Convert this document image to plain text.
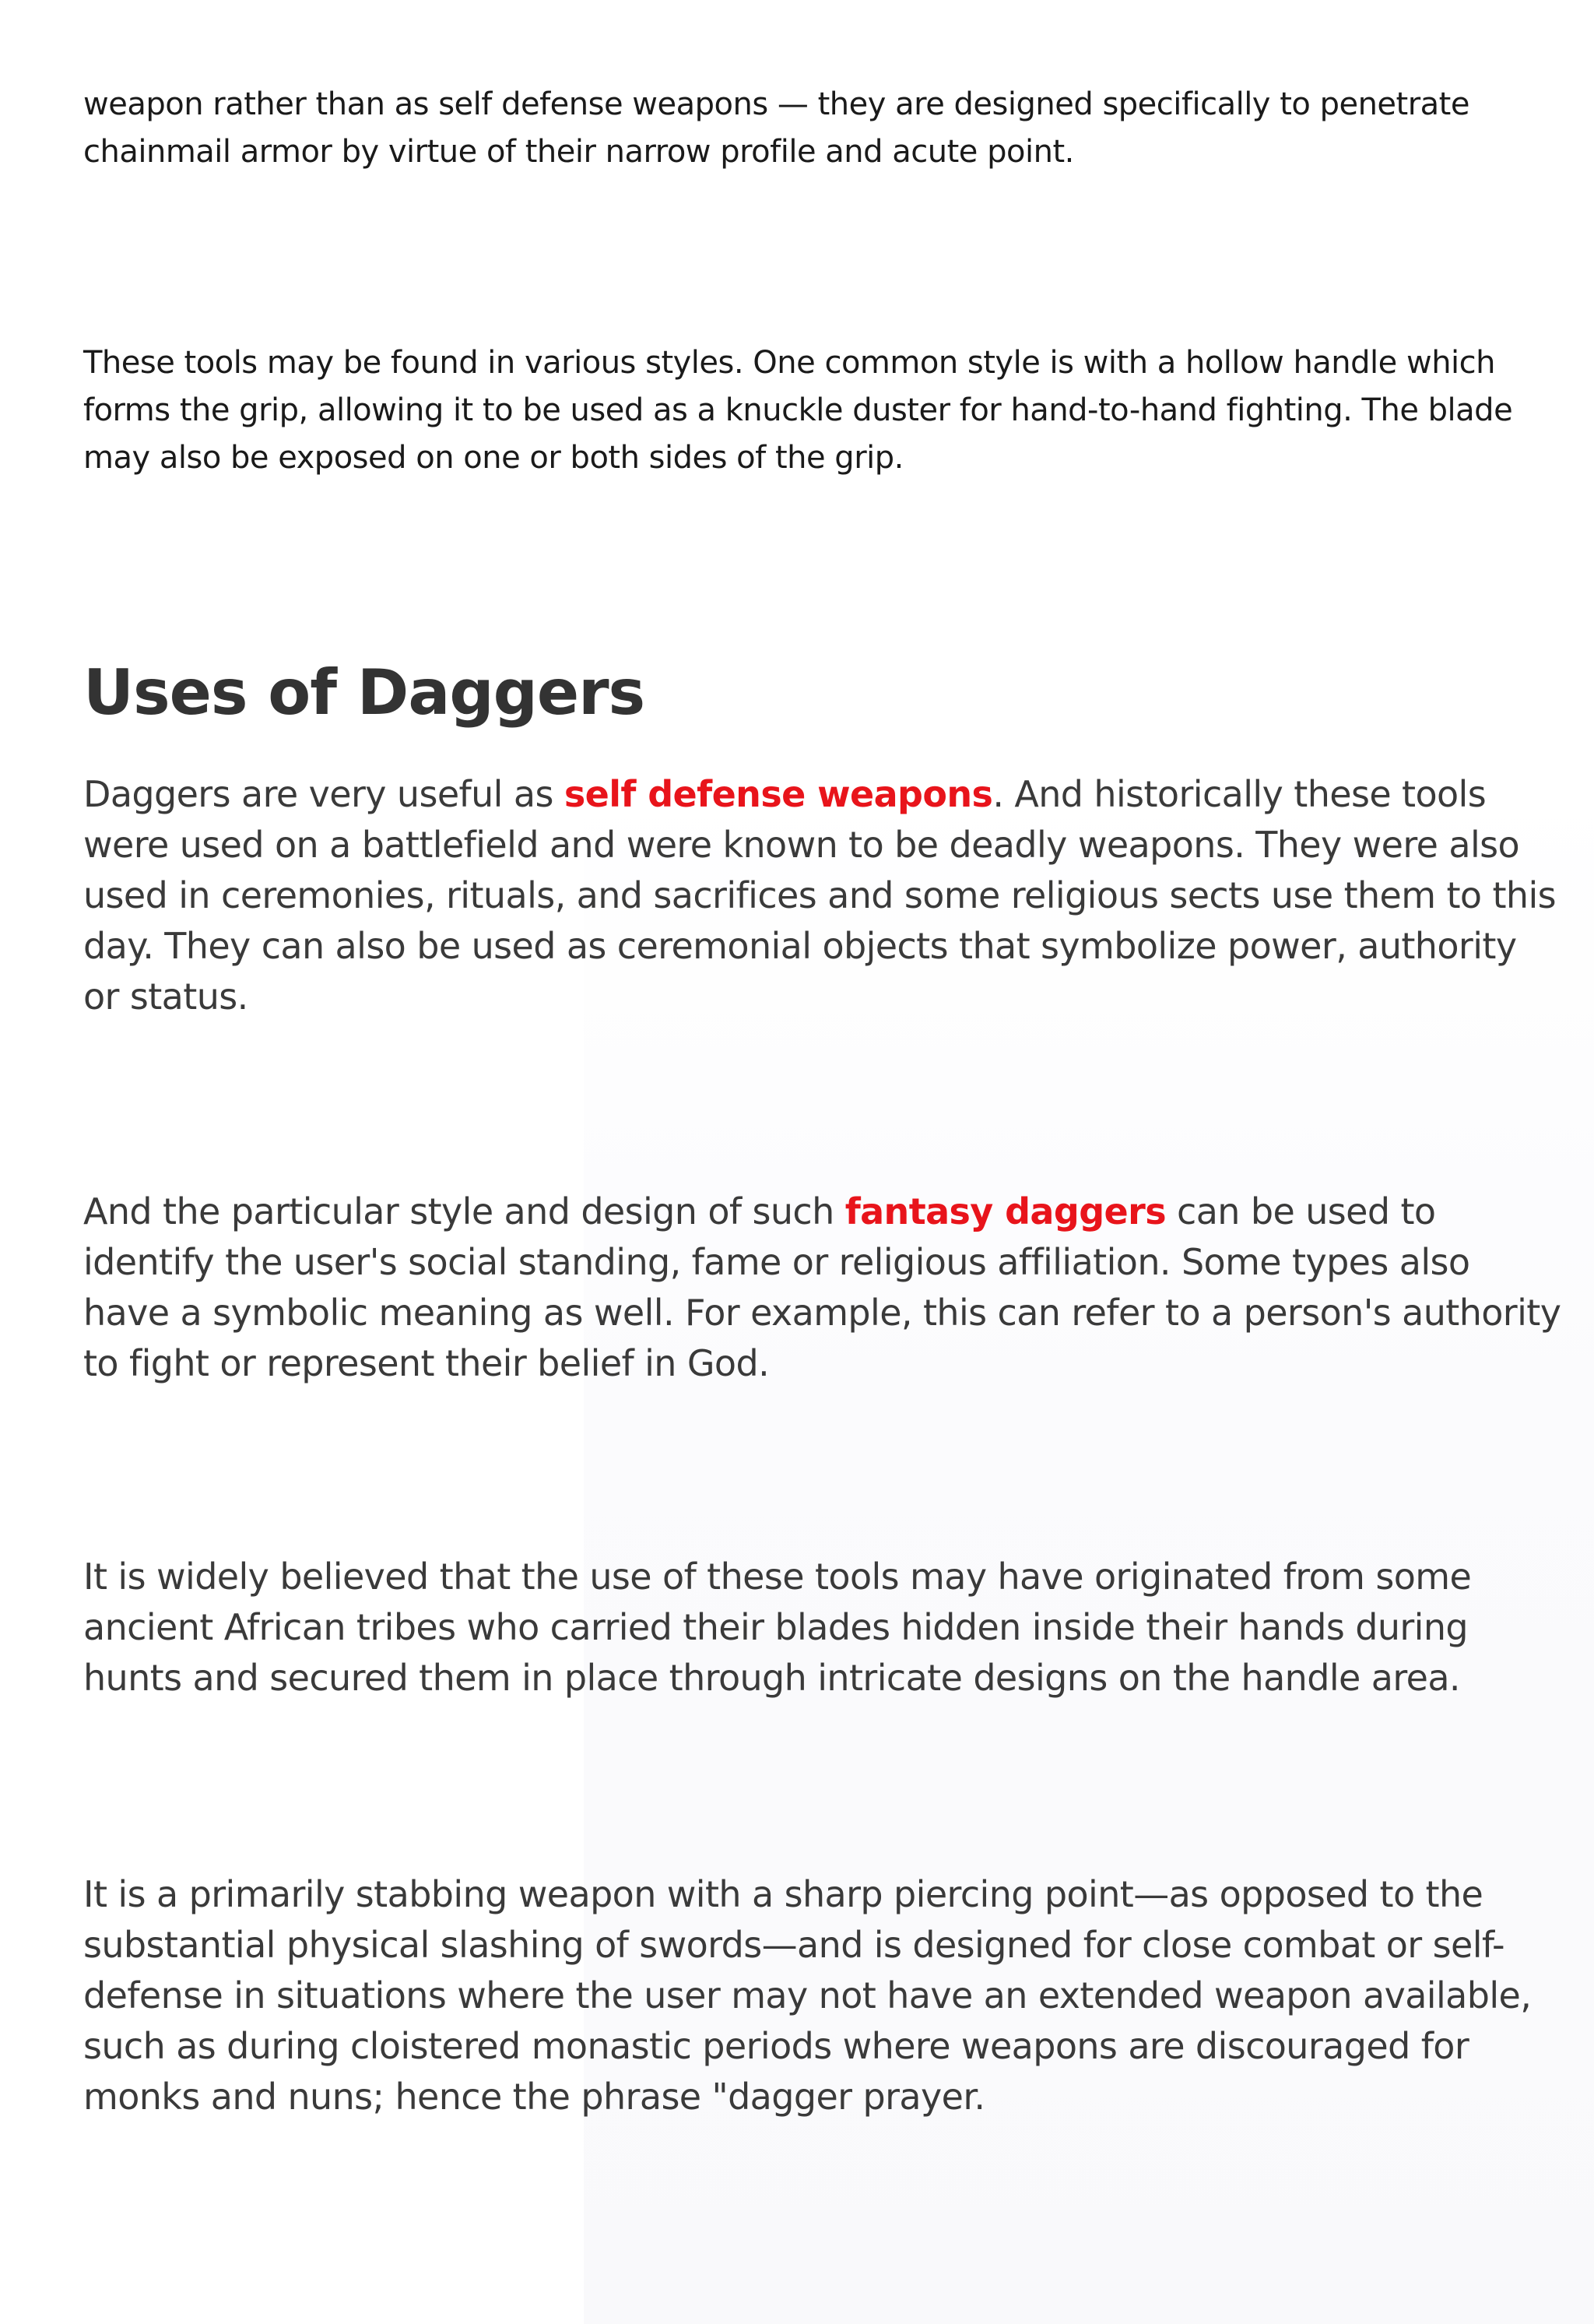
weapon rather than as self defense weapons — they are designed specifically to penetrate chainmail armor by virtue of their narrow profile and acute point.

These tools may be found in various styles. One common style is with a hollow handle which forms the grip, allowing it to be used as a knuckle duster for hand-to-hand fighting. The blade may also be exposed on one or both sides of the grip.

Uses of Daggers

Daggers are very useful as self defense weapons. And historically these tools were used on a battlefield and were known to be deadly weapons. They were also used in ceremonies, rituals, and sacrifices and some religious sects use them to this day. They can also be used as ceremonial objects that symbolize power, authority or status.

And the particular style and design of such fantasy daggers can be used to identify the user's social standing, fame or religious affiliation. Some types also have a symbolic meaning as well. For example, this can refer to a person's authority to fight or represent their belief in God.

It is widely believed that the use of these tools may have originated from some ancient African tribes who carried their blades hidden inside their hands during hunts and secured them in place through intricate designs on the handle area.

It is a primarily stabbing weapon with a sharp piercing point—as opposed to the substantial physical slashing of swords—and is designed for close combat or self-defense in situations where the user may not have an extended weapon available, such as during cloistered monastic periods where weapons are discouraged for monks and nuns; hence the phrase "dagger prayer.
